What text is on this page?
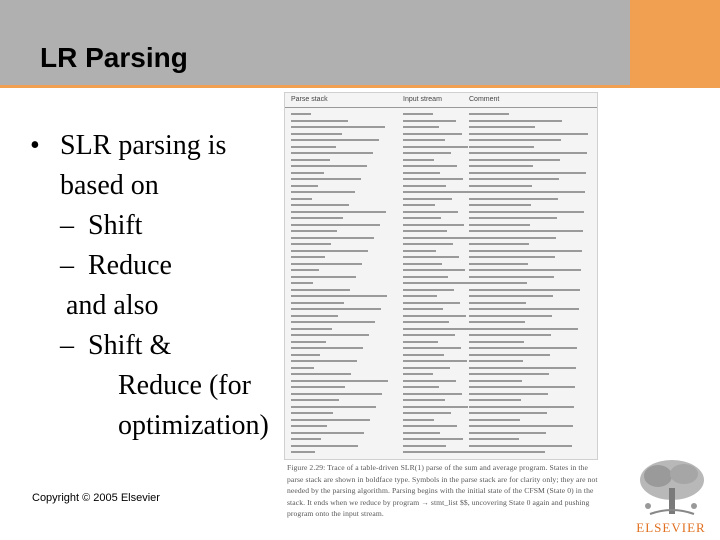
LR Parsing
• SLR parsing is
based on
– Shift
– Reduce
and also
– Shift &
Reduce (for
optimization)
Copyright © 2005 Elsevier
Parse stack	Input stream	Comment
Figure 2.29: Trace of a table-driven SLR(1) parse of the sum and average program. States in the parse stack are shown in boldface type. Symbols in the parse stack are for clarity only; they are not needed by the parsing algorithm. Parsing begins with the initial state of the CFSM (State 0) in the stack. It ends when we reduce by program → stmt_list $$, uncovering State 0 again and pushing program onto the input stream.
ELSEVIER
